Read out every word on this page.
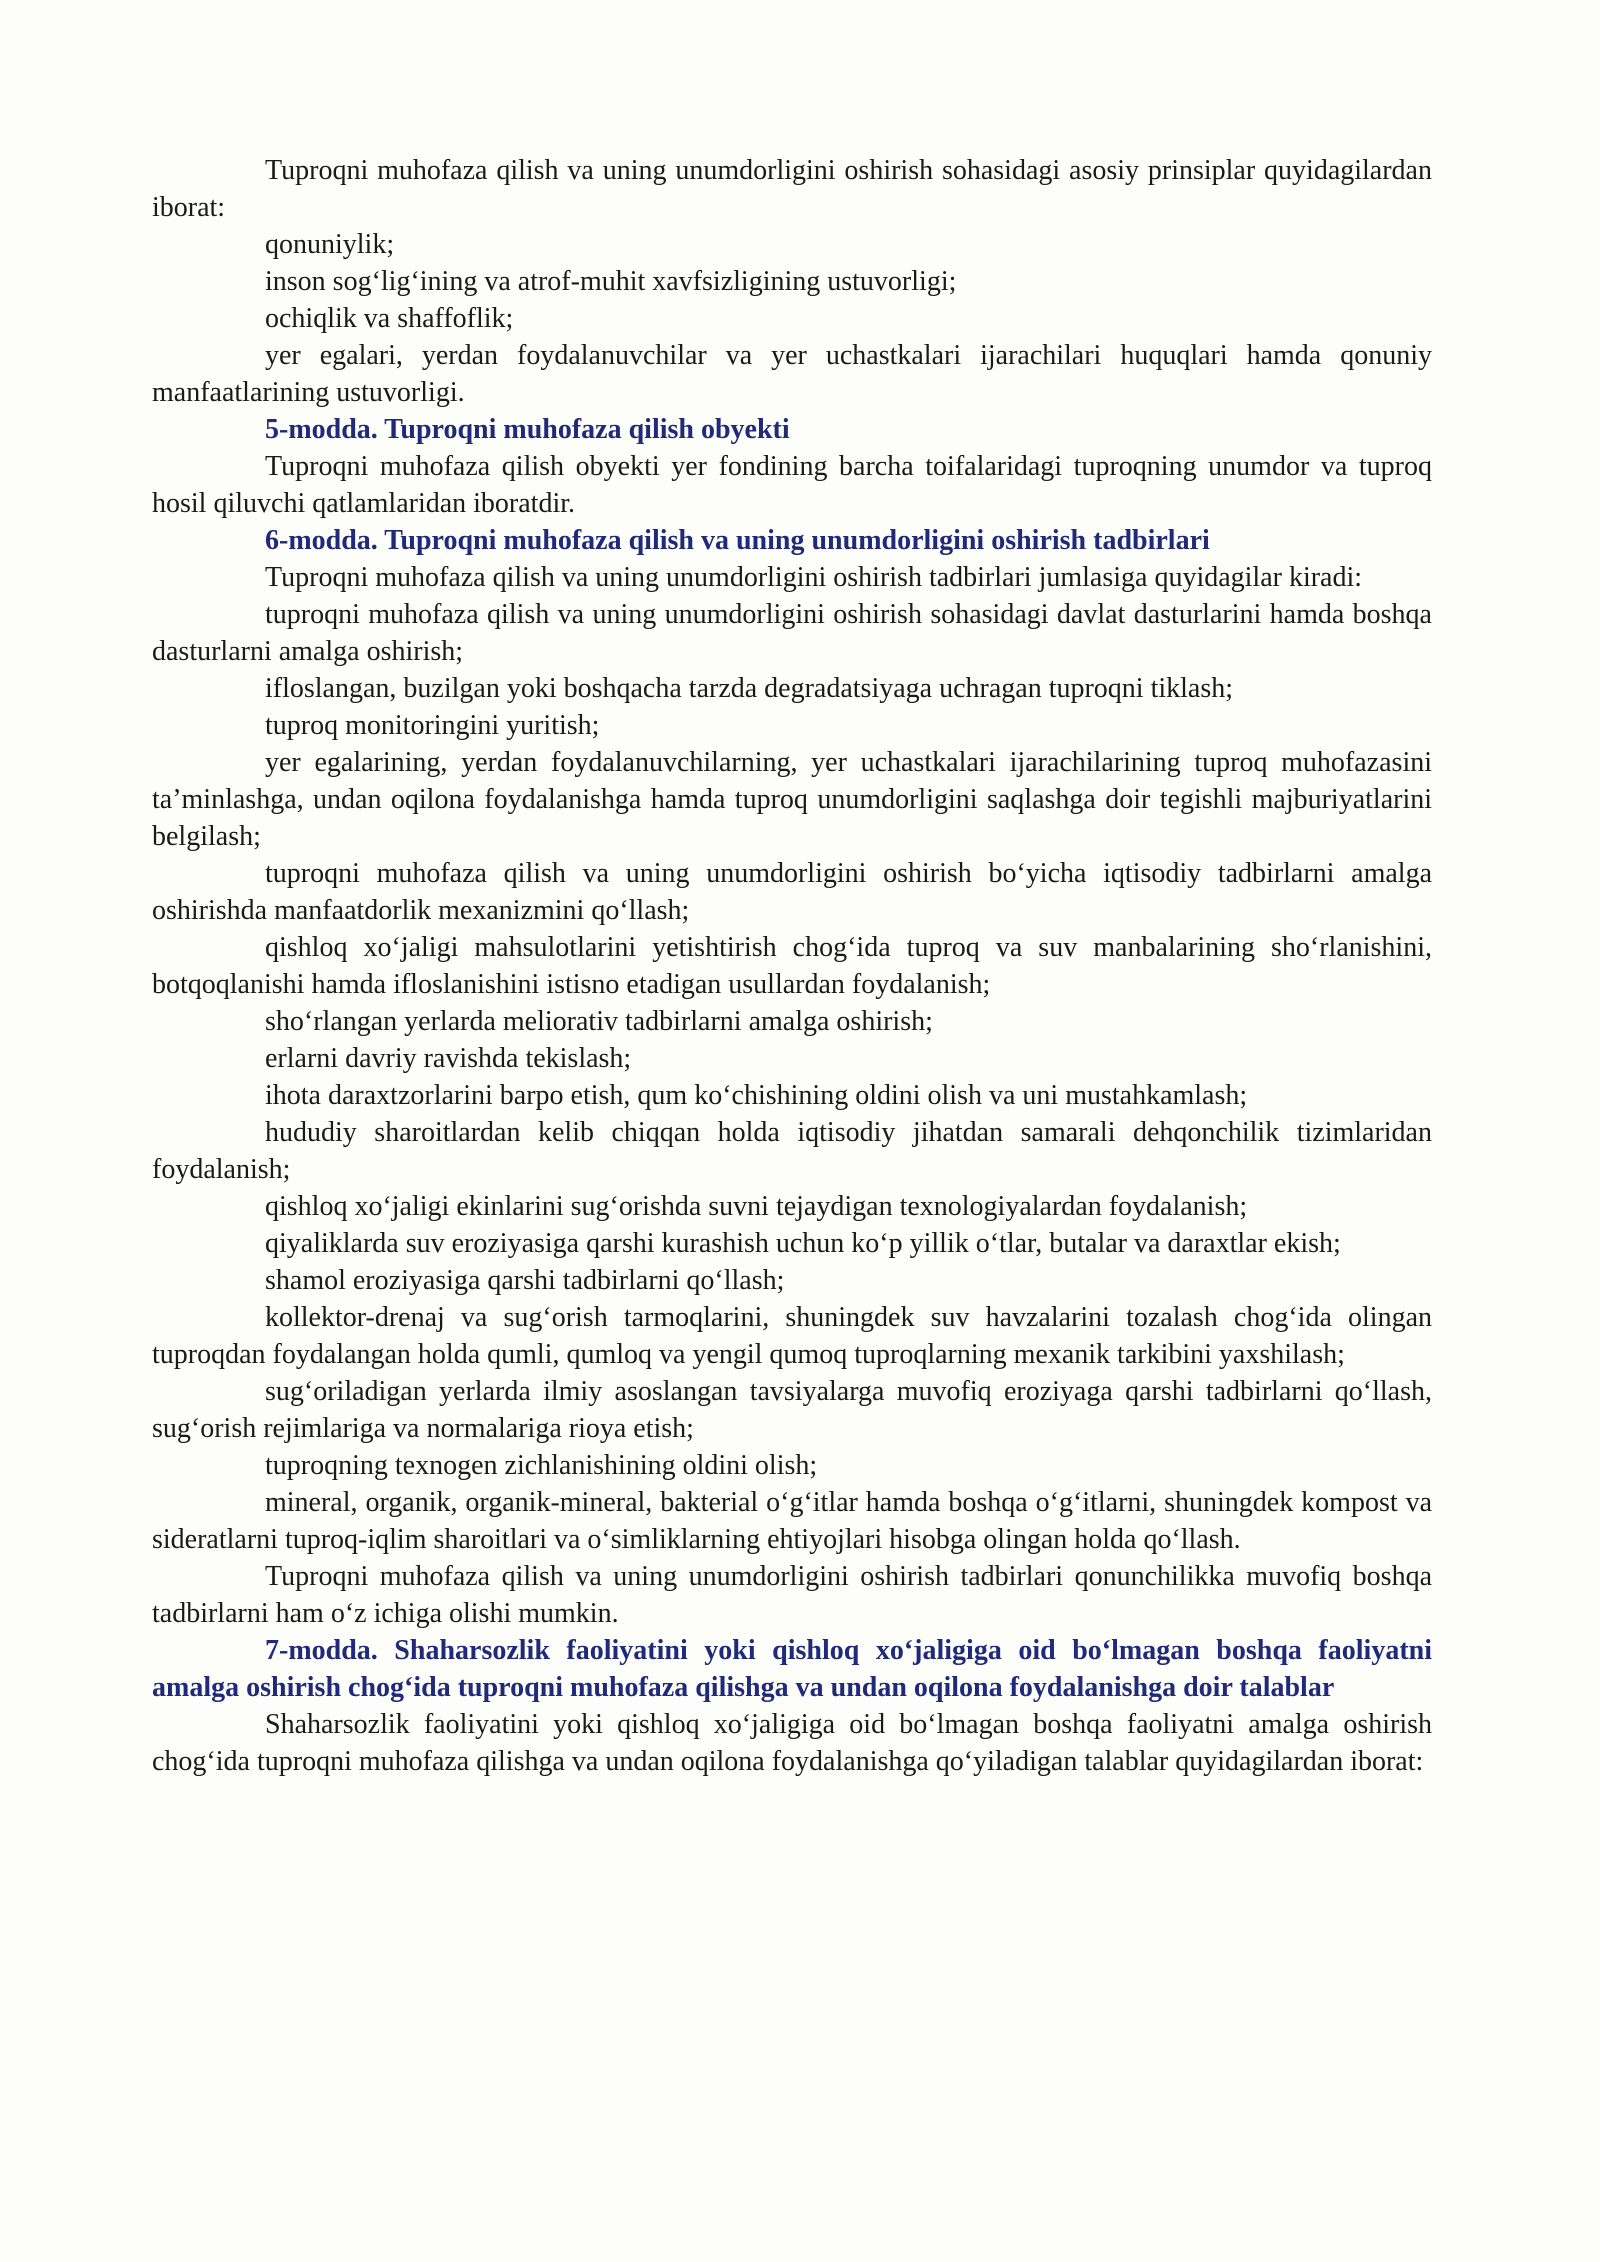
Tuproqni muhofaza qilish va uning unumdorligini oshirish sohasidagi asosiy prinsiplar quyidagilardan iborat:

qonuniylik;

inson sog‘lig‘ining va atrof-muhit xavfsizligining ustuvorligi;

ochiqlik va shaffoflik;

yer egalari, yerdan foydalanuvchilar va yer uchastkalari ijarachilari huquqlari hamda qonuniy manfaatlarining ustuvorligi.

5-modda. Tuproqni muhofaza qilish obyekti

Tuproqni muhofaza qilish obyekti yer fondining barcha toifalaridagi tuproqning unumdor va tuproq hosil qiluvchi qatlamlaridan iboratdir.

6-modda. Tuproqni muhofaza qilish va uning unumdorligini oshirish tadbirlari

Tuproqni muhofaza qilish va uning unumdorligini oshirish tadbirlari jumlasiga quyidagilar kiradi:

tuproqni muhofaza qilish va uning unumdorligini oshirish sohasidagi davlat dasturlarini hamda boshqa dasturlarni amalga oshirish;

ifloslangan, buzilgan yoki boshqacha tarzda degradatsiyaga uchragan tuproqni tiklash;

tuproq monitoringini yuritish;

yer egalarining, yerdan foydalanuvchilarning, yer uchastkalari ijarachilarining tuproq muhofazasini ta’minlashga, undan oqilona foydalanishga hamda tuproq unumdorligini saqlashga doir tegishli majburiyatlarini belgilash;

tuproqni muhofaza qilish va uning unumdorligini oshirish bo‘yicha iqtisodiy tadbirlarni amalga oshirishda manfaatdorlik mexanizmini qo‘llash;

qishloq xo‘jaligi mahsulotlarini yetishtirish chog‘ida tuproq va suv manbalarining sho‘rlanishini, botqoqlanishi hamda ifloslanishini istisno etadigan usullardan foydalanish;

sho‘rlangan yerlarda meliorativ tadbirlarni amalga oshirish;

erlarni davriy ravishda tekislash;

ihota daraxtzorlarini barpo etish, qum ko‘chishining oldini olish va uni mustahkamlash;

hududiy sharoitlardan kelib chiqqan holda iqtisodiy jihatdan samarali dehqonchilik tizimlaridan foydalanish;

qishloq xo‘jaligi ekinlarini sug‘orishda suvni tejaydigan texnologiyalardan foydalanish;

qiyaliklarda suv eroziyasiga qarshi kurashish uchun ko‘p yillik o‘tlar, butalar va daraxtlar ekish;

shamol eroziyasiga qarshi tadbirlarni qo‘llash;

kollektor-drenaj va sug‘orish tarmoqlarini, shuningdek suv havzalarini tozalash chog‘ida olingan tuproqdan foydalangan holda qumli, qumloq va yengil qumoq tuproqlarning mexanik tarkibini yaxshilash;

sug‘oriladigan yerlarda ilmiy asoslangan tavsiyalarga muvofiq eroziyaga qarshi tadbirlarni qo‘llash, sug‘orish rejimlariga va normalariga rioya etish;

tuproqning texnogen zichlanishining oldini olish;

mineral, organik, organik-mineral, bakterial o‘g‘itlar hamda boshqa o‘g‘itlarni, shuningdek kompost va sideratlarni tuproq-iqlim sharoitlari va o‘simliklarning ehtiyojlari hisobga olingan holda qo‘llash.

Tuproqni muhofaza qilish va uning unumdorligini oshirish tadbirlari qonunchilikka muvofiq boshqa tadbirlarni ham o‘z ichiga olishi mumkin.

7-modda. Shaharsozlik faoliyatini yoki qishloq xo‘jaligiga oid bo‘lmagan boshqa faoliyatni amalga oshirish chog‘ida tuproqni muhofaza qilishga va undan oqilona foydalanishga doir talablar

Shaharsozlik faoliyatini yoki qishloq xo‘jaligiga oid bo‘lmagan boshqa faoliyatni amalga oshirish chog‘ida tuproqni muhofaza qilishga va undan oqilona foydalanishga qo‘yiladigan talablar quyidagilardan iborat:
